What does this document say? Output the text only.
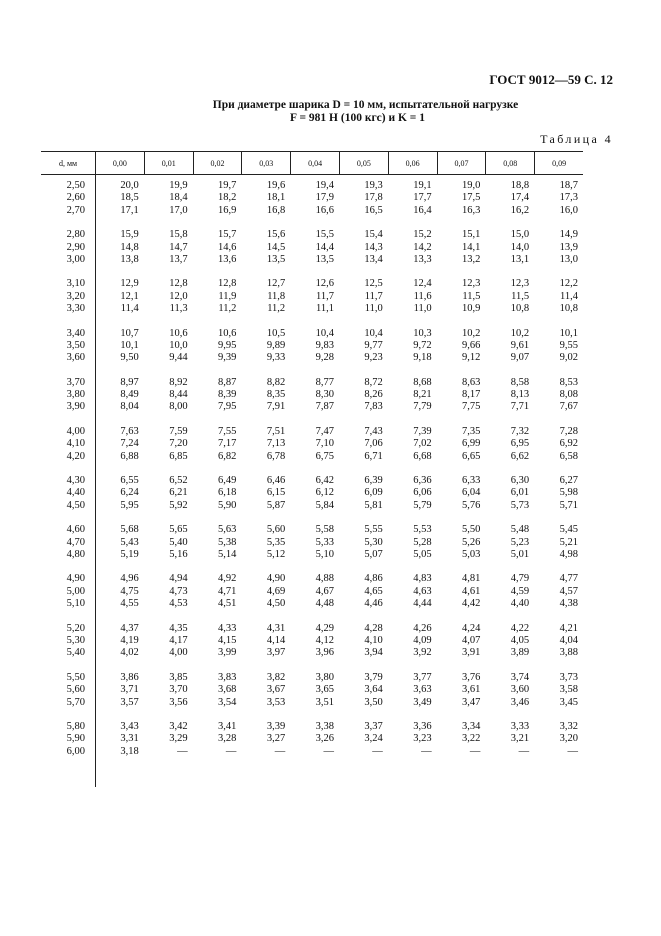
ГОСТ 9012—59 С. 12
При диаметре шарика D = 10 мм, испытательной нагрузке
F = 981 Н (100 кгс) и K = 1
Таблица 4
d, мм	0,00	0,01	0,02	0,03	0,04	0,05	0,06	0,07	0,08	0,09
2,50	20,0	19,9	19,7	19,6	19,4	19,3	19,1	19,0	18,8	18,7
2,60	18,5	18,4	18,2	18,1	17,9	17,8	17,7	17,5	17,4	17,3
2,70	17,1	17,0	16,9	16,8	16,6	16,5	16,4	16,3	16,2	16,0
2,80	15,9	15,8	15,7	15,6	15,5	15,4	15,2	15,1	15,0	14,9
2,90	14,8	14,7	14,6	14,5	14,4	14,3	14,2	14,1	14,0	13,9
3,00	13,8	13,7	13,6	13,5	13,5	13,4	13,3	13,2	13,1	13,0
3,10	12,9	12,8	12,8	12,7	12,6	12,5	12,4	12,3	12,3	12,2
3,20	12,1	12,0	11,9	11,8	11,7	11,7	11,6	11,5	11,5	11,4
3,30	11,4	11,3	11,2	11,2	11,1	11,0	11,0	10,9	10,8	10,8
3,40	10,7	10,6	10,6	10,5	10,4	10,4	10,3	10,2	10,2	10,1
3,50	10,1	10,0	9,95	9,89	9,83	9,77	9,72	9,66	9,61	9,55
3,60	9,50	9,44	9,39	9,33	9,28	9,23	9,18	9,12	9,07	9,02
3,70	8,97	8,92	8,87	8,82	8,77	8,72	8,68	8,63	8,58	8,53
3,80	8,49	8,44	8,39	8,35	8,30	8,26	8,21	8,17	8,13	8,08
3,90	8,04	8,00	7,95	7,91	7,87	7,83	7,79	7,75	7,71	7,67
4,00	7,63	7,59	7,55	7,51	7,47	7,43	7,39	7,35	7,32	7,28
4,10	7,24	7,20	7,17	7,13	7,10	7,06	7,02	6,99	6,95	6,92
4,20	6,88	6,85	6,82	6,78	6,75	6,71	6,68	6,65	6,62	6,58
4,30	6,55	6,52	6,49	6,46	6,42	6,39	6,36	6,33	6,30	6,27
4,40	6,24	6,21	6,18	6,15	6,12	6,09	6,06	6,04	6,01	5,98
4,50	5,95	5,92	5,90	5,87	5,84	5,81	5,79	5,76	5,73	5,71
4,60	5,68	5,65	5,63	5,60	5,58	5,55	5,53	5,50	5,48	5,45
4,70	5,43	5,40	5,38	5,35	5,33	5,30	5,28	5,26	5,23	5,21
4,80	5,19	5,16	5,14	5,12	5,10	5,07	5,05	5,03	5,01	4,98
4,90	4,96	4,94	4,92	4,90	4,88	4,86	4,83	4,81	4,79	4,77
5,00	4,75	4,73	4,71	4,69	4,67	4,65	4,63	4,61	4,59	4,57
5,10	4,55	4,53	4,51	4,50	4,48	4,46	4,44	4,42	4,40	4,38
5,20	4,37	4,35	4,33	4,31	4,29	4,28	4,26	4,24	4,22	4,21
5,30	4,19	4,17	4,15	4,14	4,12	4,10	4,09	4,07	4,05	4,04
5,40	4,02	4,00	3,99	3,97	3,96	3,94	3,92	3,91	3,89	3,88
5,50	3,86	3,85	3,83	3,82	3,80	3,79	3,77	3,76	3,74	3,73
5,60	3,71	3,70	3,68	3,67	3,65	3,64	3,63	3,61	3,60	3,58
5,70	3,57	3,56	3,54	3,53	3,51	3,50	3,49	3,47	3,46	3,45
5,80	3,43	3,42	3,41	3,39	3,38	3,37	3,36	3,34	3,33	3,32
5,90	3,31	3,29	3,28	3,27	3,26	3,24	3,23	3,22	3,21	3,20
6,00	3,18	—	—	—	—	—	—	—	—	—
